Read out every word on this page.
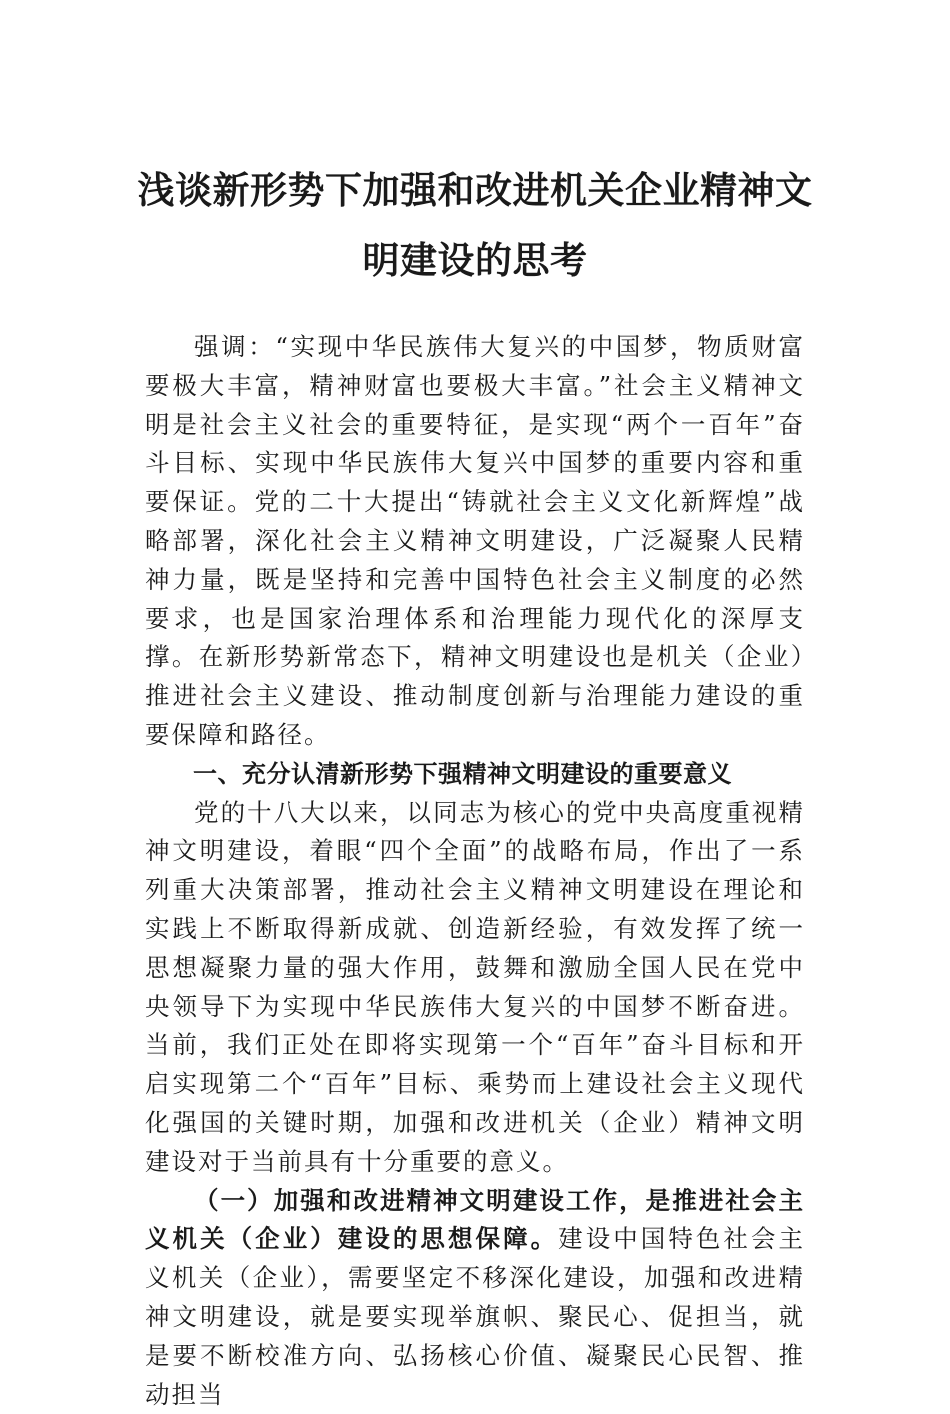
浅谈新形势下加强和改进机关企业精神文
明建设的思考

强调：“实现中华民族伟大复兴的中国梦，物质财富要极大丰富，精神财富也要极大丰富。”社会主义精神文明是社会主义社会的重要特征，是实现“两个一百年”奋斗目标、实现中华民族伟大复兴中国梦的重要内容和重要保证。党的二十大提出“铸就社会主义文化新辉煌”战略部署，深化社会主义精神文明建设，广泛凝聚人民精神力量，既是坚持和完善中国特色社会主义制度的必然要求，也是国家治理体系和治理能力现代化的深厚支撑。在新形势新常态下，精神文明建设也是机关（企业）推进社会主义建设、推动制度创新与治理能力建设的重要保障和路径。

一、充分认清新形势下强精神文明建设的重要意义

党的十八大以来，以同志为核心的党中央高度重视精神文明建设，着眼“四个全面”的战略布局，作出了一系列重大决策部署，推动社会主义精神文明建设在理论和实践上不断取得新成就、创造新经验，有效发挥了统一思想凝聚力量的强大作用，鼓舞和激励全国人民在党中央领导下为实现中华民族伟大复兴的中国梦不断奋进。当前，我们正处在即将实现第一个“百年”奋斗目标和开启实现第二个“百年”目标、乘势而上建设社会主义现代化强国的关键时期，加强和改进机关（企业）精神文明建设对于当前具有十分重要的意义。

（一）加强和改进精神文明建设工作，是推进社会主义机关（企业）建设的思想保障。建设中国特色社会主义机关（企业），需要坚定不移深化建设，加强和改进精神文明建设，就是要实现举旗帜、聚民心、促担当，就是要不断校准方向、弘扬核心价值、凝聚民心民智、推动担当
